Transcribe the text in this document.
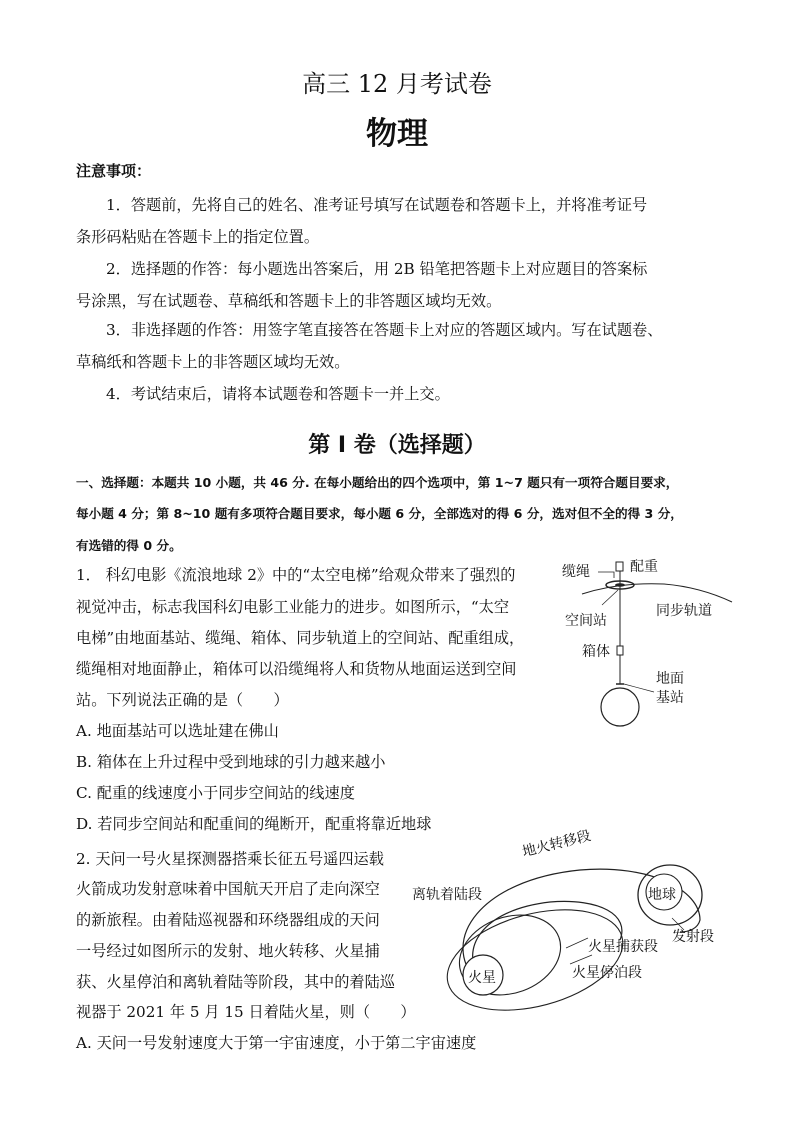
高三 12 月考试卷
物理
注意事项：
1．答题前，先将自己的姓名、准考证号填写在试题卷和答题卡上，并将准考证号
条形码粘贴在答题卡上的指定位置。
2．选择题的作答：每小题选出答案后，用 2B 铅笔把答题卡上对应题目的答案标
号涂黑，写在试题卷、草稿纸和答题卡上的非答题区域均无效。
3．非选择题的作答：用签字笔直接答在答题卡上对应的答题区域内。写在试题卷、
草稿纸和答题卡上的非答题区域均无效。
4．考试结束后，请将本试题卷和答题卡一并上交。
第 I 卷（选择题）
一、选择题：本题共 10 小题，共 46 分. 在每小题给出的四个选项中，第 1~7 题只有一项符合题目要求，
每小题 4 分；第 8~10 题有多项符合题目要求，每小题 6 分，全部选对的得 6 分，选对但不全的得 3 分，
有选错的得 0 分。
1． 科幻电影《流浪地球 2》中的“太空电梯”给观众带来了强烈的
视觉冲击，标志我国科幻电影工业能力的进步。如图所示，“太空
电梯”由地面基站、缆绳、箱体、同步轨道上的空间站、配重组成，
缆绳相对地面静止，箱体可以沿缆绳将人和货物从地面运送到空间
站。下列说法正确的是（　　）
A. 地面基站可以选址建在佛山
B. 箱体在上升过程中受到地球的引力越来越小
C. 配重的线速度小于同步空间站的线速度
D. 若同步空间站和配重间的绳断开，配重将靠近地球
缆绳	配重
空间站
同步轨道
箱体
地面
基站
2. 天问一号火星探测器搭乘长征五号遥四运载
火箭成功发射意味着中国航天开启了走向深空
的新旅程。由着陆巡视器和环绕器组成的天问
一号经过如图所示的发射、地火转移、火星捕
获、火星停泊和离轨着陆等阶段，其中的着陆巡
视器于 2021 年 5 月 15 日着陆火星，则（　　）
A. 天问一号发射速度大于第一宇宙速度，小于第二宇宙速度
地火转移段
离轨着陆段	地球
发射段
火星捕获段
火星	火星停泊段
